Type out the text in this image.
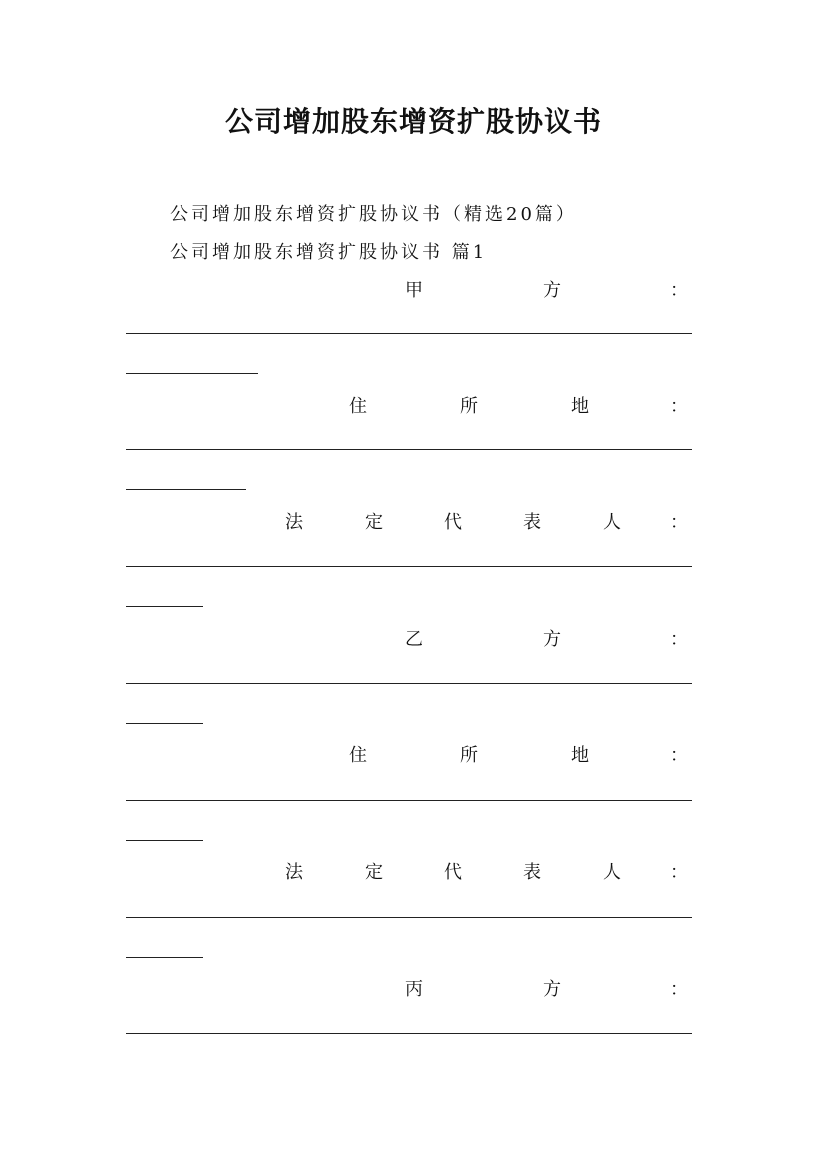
公司增加股东增资扩股协议书

公司增加股东增资扩股协议书（精选20篇）

公司增加股东增资扩股协议书 篇1

甲	方	：
住	所	地	：
法	定	代	表	人	：
乙	方	：
住	所	地	：
法	定	代	表	人	：
丙	方	：
